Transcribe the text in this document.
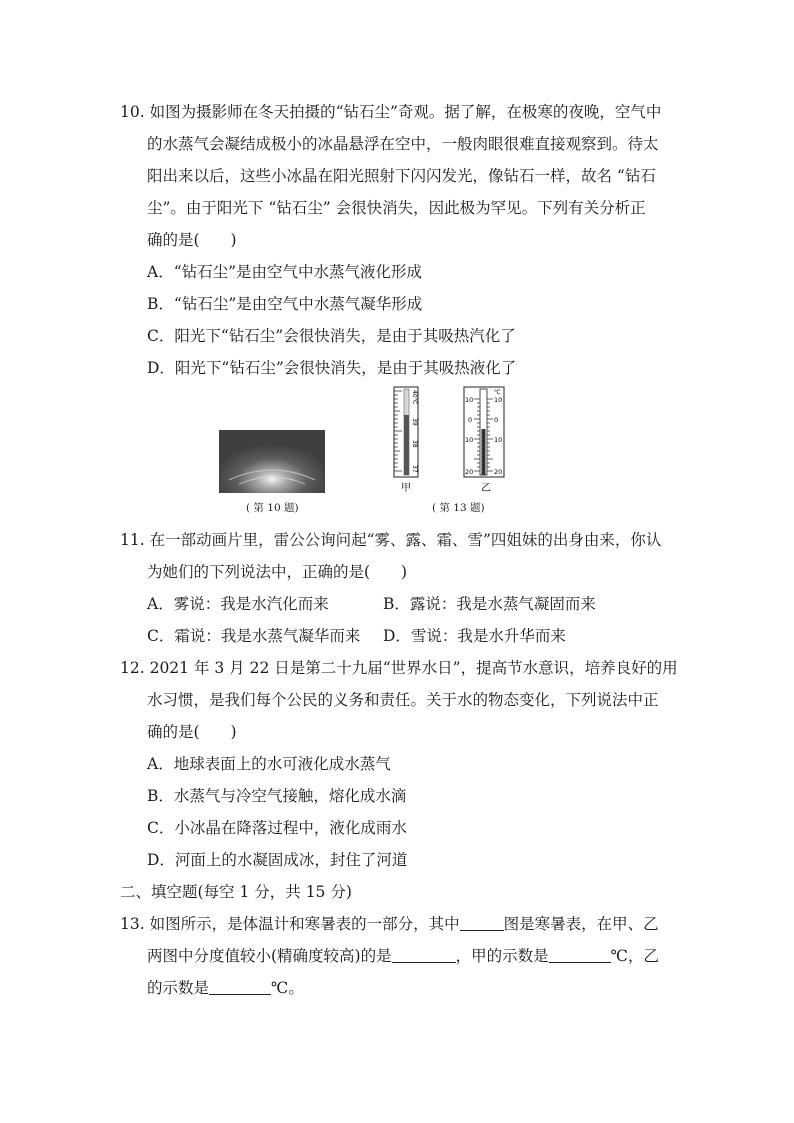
10. 如图为摄影师在冬天拍摄的“钻石尘”奇观。据了解，在极寒的夜晚，空气中
的水蒸气会凝结成极小的冰晶悬浮在空中，一般肉眼很难直接观察到。待太
阳出来以后，这些小冰晶在阳光照射下闪闪发光，像钻石一样，故名 “钻石
尘”。由于阳光下 “钻石尘” 会很快消失，因此极为罕见。下列有关分析正
确的是(　　)
A．“钻石尘”是由空气中水蒸气液化形成
B．“钻石尘”是由空气中水蒸气凝华形成
C．阳光下“钻石尘”会很快消失，是由于其吸热汽化了
D．阳光下“钻石尘”会很快消失，是由于其吸热液化了
( 第 10 题)
40℃
39
38
37
℃
10
0
10
20
10
0
10
20
甲	乙
( 第 13 题)
11. 在一部动画片里，雷公公询问起“雾、露、霜、雪”四姐妹的出身由来，你认
为她们的下列说法中，正确的是(　　)
A．雾说：我是水汽化而来	B．露说：我是水蒸气凝固而来
C．霜说：我是水蒸气凝华而来 D．雪说：我是水升华而来
12. 2021 年 3 月 22 日是第二十九届“世界水日”，提高节水意识，培养良好的用
水习惯，是我们每个公民的义务和责任。关于水的物态变化，下列说法中正
确的是(　　)
A．地球表面上的水可液化成水蒸气
B．水蒸气与冷空气接触，熔化成水滴
C．小冰晶在降落过程中，液化成雨水
D．河面上的水凝固成冰，封住了河道
二、填空题(每空 1 分，共 15 分)
13. 如图所示，是体温计和寒暑表的一部分，其中	图是寒暑表，在甲、乙
两图中分度值较小(精确度较高)的是	，甲的示数是	℃，乙
的示数是	℃。
